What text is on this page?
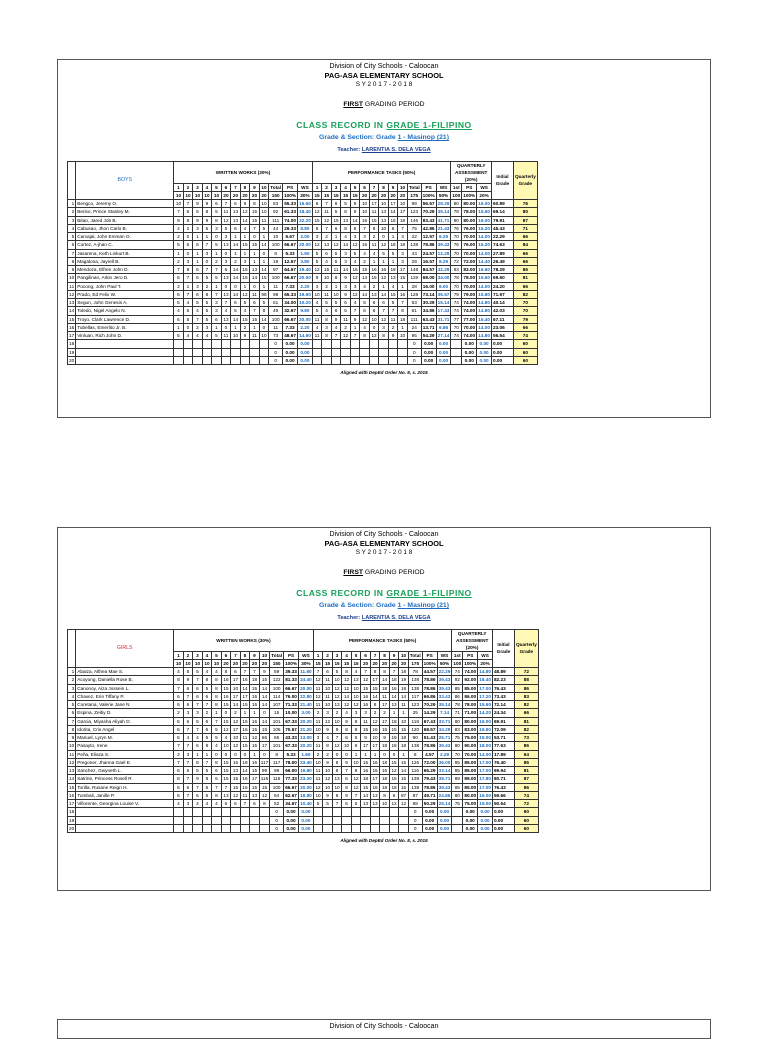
Division of City Schools - Caloocan
PAG-ASA ELEMENTARY SCHOOL
S Y 2 0 1 7 - 2 0 1 8
FIRST GRADING PERIOD
CLASS RECORD IN GRADE 1-FILIPINO
Grade & Section: Grade 1 - Masinop (21)
Teacher: LARENTIA S. DELA VEGA
	BOYS	WRITTEN WORKS (30%)													PERFORMANCE TASKS (50%)													QUARTERLY ASSESSMENT (20%)			Initial Grade	Quarterly Grade
		1	2	3	4	5	6	7	8	9	10	Total	PS	WS	1	2	3	4	5	6	7	8	9	10	Total	PS	WS	1st	PS	WS		
		10	10	10	10	10	20	20	20	20	20	150	100%	30%	15	15	15	15	15	20	20	20	20	20	175	100%	50%	100	100%	20%		
1	Bengco, Jeremy O.	10	7	9	9	6	7	6	9	8	10	83	55.33	16.60	6	7	8	5	9	10	17	10	17	10	99	56.57	28.29	80	80.00	16.00	60.89	76
2	Beriso, Prince Stanley M.	7	6	5	8	5	11	13	12	15	10	92	61.33	18.40	12	11	5	8	9	10	11	13	14	17	123	70.29	35.14	78	78.00	15.60	69.14	80
3	Bitao, Jared Job B.	9	8	9	9	8	12	13	14	15	11	111	74.00	22.20	15	12	15	13	14	16	15	13	15	18	146	83.43	41.71	80	80.00	16.00	79.91	87
4	Cabusao, Jhon Carlo B.	4	2	3	5	3	5	6	4	7	5	44	29.33	8.80	8	7	6	8	8	7	8	10	6	7	75	42.86	21.43	76	76.00	15.20	45.43	71
5	Carvajal, John Emman O.	2	0	1	1	0	3	1	1	0	1	10	6.67	2.00	3	2	1	4	3	3	2	0	1	3	22	12.57	6.29	70	70.00	14.00	22.29	66
6	Cortez, A-jhan C.	5	6	6	7	5	13	14	15	15	14	100	66.67	20.00	12	13	12	14	12	16	11	12	18	18	138	78.86	39.43	76	76.00	15.20	74.63	84
7	Jasarena, Keth Linkurt B.	1	0	1	3	1	0	1	1	1	0	8	5.33	1.60	5	6	5	3	5	4	4	5	5	3	43	24.57	12.29	70	70.00	14.00	27.89	66
8	Magalona, Jayrell B.	2	3	1	0	2	3	2	3	1	1	19	12.67	3.80	5	4	5	3	4	2	1	1	1	3	29	16.57	8.29	72	72.00	14.40	26.49	66
9	Mendoza, Elfren John D.	7	8	6	7	7	6	14	15	13	14	97	64.67	19.40	12	15	11	14	16	15	16	16	18	17	148	84.57	42.29	83	83.00	16.60	78.29	86
10	Pangilinan, Arkin Jero D.	6	7	6	5	5	13	14	15	14	15	100	66.67	20.00	9	10	8	9	12	14	15	12	13	15	119	68.00	34.00	78	78.00	15.60	69.60	81
11	Pocong, John Paul T.	2	1	3	2	1	0	0	1	0	1	11	7.33	2.20	3	2	1	3	3	4	2	1	4	1	28	16.00	8.00	70	70.00	14.00	24.20	66
12	Prado, Ed Felix W.	6	7	6	8	7	13	14	12	11	98	98	65.33	19.60	10	11	10	9	12	14	13	14	15	16	128	73.14	36.57	79	79.00	15.80	71.97	82
13	Segun, John Genesis A.	5	4	5	5	3	7	6	5	6	5	51	34.00	10.20	4	5	5	6	4	5	6	6	5	7	53	30.29	15.14	74	74.00	14.80	40.14	70
14	Toledo, Nigel Angelo N.	4	5	4	5	3	4	5	4	7	8	49	32.67	9.80	5	4	6	5	7	6	6	7	7	8	61	34.86	17.43	74	74.00	14.80	42.03	70
15	Troyo, Clark Lawrence D.	6	5	7	5	6	13	14	15	15	14	100	66.67	20.00	11	8	9	11	9	12	10	12	11	18	111	63.43	31.71	77	77.00	15.40	67.11	79
16	Tubellas, Emerlito Jr. B.	1	0	2	3	1	0	1	2	1	0	11	7.33	2.20	4	3	4	2	1	4	0	3	2	1	24	13.71	6.86	70	70.00	14.00	23.06	66
17	Vinluan, Rich John D.	5	4	4	4	5	11	10	9	11	10	73	48.67	14.60	11	8	7	12	7	8	12	8	9	10	95	54.29	27.14	74	74.00	14.80	56.54	74
18												0	0.00	0.00											0	0.00	0.00		0.00	0.00	0.00	60
19												0	0.00	0.00											0	0.00	0.00		0.00	0.00	0.00	60
20												0	0.00	0.00											0	0.00	0.00		0.00	0.00	0.00	60
Aligned with DepEd Order No. 8, s. 2015
Division of City Schools - Caloocan
PAG-ASA ELEMENTARY SCHOOL
S Y 2 0 1 7 - 2 0 1 8
FIRST GRADING PERIOD
CLASS RECORD IN GRADE 1-FILIPINO
Grade & Section: Grade 1 - Masinop (21)
Teacher: LARENTIA S. DELA VEGA
	GIRLS	WRITTEN WORKS (30%)													PERFORMANCE TASKS (50%)													QUARTERLY ASSESSMENT (20%)			Initial Grade	Quarterly Grade
		1	2	3	4	5	6	7	8	9	10	Total	PS	WS	1	2	3	4	5	6	7	8	9	10	Total	PS	WS	1st	PS	WS		
		10	10	10	10	10	20	20	20	20	20	150	100%	30%	15	15	15	15	15	20	20	20	20	20	175	100%	50%	100	100%	20%		
1	Abaiza, Althea Mae S.	4	5	5	4	4	8	6	7	7	9	59	39.33	11.80	7	6	5	8	4	7	8	8	7	18	78	44.57	22.29	74	74.00	14.80	48.89	72
2	Acoyong, Daniella Rose B.	8	9	7	8	8	16	17	16	18	15	122	81.33	24.40	12	11	10	12	13	12	17	14	18	19	138	78.86	39.43	92	92.00	18.40	82.23	88
3	Canonoy, Aiza Jossein L.	7	6	6	5	8	15	10	14	15	14	100	66.67	20.00	11	10	12	12	10	15	15	18	16	18	138	78.86	39.43	85	85.00	17.00	76.43	86
4	Chavez, Erin Tiffany P.	6	7	6	6	8	16	17	17	15	14	114	76.00	22.80	12	11	12	14	10	16	14	11	14	14	117	66.86	33.43	86	86.00	17.20	73.43	83
5	Coretana, Valerie Jane N	6	6	7	7	8	15	14	15	15	14	107	71.33	21.40	11	10	13	12	12	16	8	17	13	11	123	70.29	35.14	78	78.00	15.60	72.14	82
6	Espina, Zeiby D.	2	3	3	2	1	0	2	1	1	0	15	10.00	3.00	2	3	2	4	3	3	2	2	1	1	25	14.29	7.14	71	71.00	14.20	24.34	66
7	Garcia, Miyasha Aliyah D.	5	6	5	6	7	15	12	15	16	14	101	67.33	20.20	11	12	10	9	8	11	12	17	18	10	118	67.43	33.71	80	80.00	16.00	69.91	81
8	Idorita, Cris Angel	6	7	7	6	5	12	17	16	15	15	106	70.67	21.20	10	9	9	8	8	15	16	15	15	15	120	68.57	34.29	83	83.00	16.60	72.09	82
9	Manuel, Lyryn M.	5	4	4	5	5	4	10	11	12	65	65	43.33	13.00	3	4	7	6	5	9	10	9	19	18	90	51.43	25.71	75	75.00	15.00	53.71	73
10	Pasayto, Irene	7	7	6	8	4	10	12	15	15	17	101	67.33	20.20	11	8	12	10	9	17	17	18	18	18	138	78.86	39.43	90	90.00	18.00	77.63	86
11	Peña, Eliaza S.	2	3	1	1	0	0	0	0	1	0	8	5.33	1.60	2	2	0	0	1	1	1	0	0	1	8	4.57	2.29	70	70.00	14.00	17.89	64
12	Pregoner, Jhanna Gael E.	7	7	8	7	8	15	16	18	16	117	117	78.00	23.40	10	9	8	9	10	15	16	18	15	15	126	72.00	36.00	85	85.00	17.00	76.40	86
13	Sanchez, Gwyneth L.	6	5	5	5	6	15	13	14	15	99	99	66.00	19.80	11	10	8	7	8	16	15	15	12	14	116	66.29	33.14	85	85.00	17.00	69.94	81
14	Satrine, Princess Rosell R	8	7	9	8	6	15	15	16	17	116	116	77.33	23.20	11	12	13	6	12	18	17	18	16	16	139	79.43	39.71	89	89.00	17.80	80.71	87
15	Torilla, Rusane Reign H.	6	6	7	6	7	7	15	16	15	15	100	66.67	20.00	12	10	10	8	12	15	16	18	18	16	138	78.86	39.43	85	85.00	17.00	76.43	86
16	Tumbali, Janille P.	6	7	6	6	8	13	12	11	13	12	94	62.67	18.80	10	9	8	9	7	14	13	8	6	87	87	49.71	24.86	80	80.00	16.00	59.66	74
17	Villorente, Georgina Louise V.	4	3	4	4	4	6	6	7	6	8	52	34.67	10.40	5	5	7	6	5	13	13	10	12	12	88	50.29	25.14	75	75.00	15.00	50.54	72
18												0	0.00	0.00											0	0.00	0.00		0.00	0.00	0.00	60
19												0	0.00	0.00											0	0.00	0.00		0.00	0.00	0.00	60
20												0	0.00	0.00											0	0.00	0.00		0.00	0.00	0.00	60
Aligned with DepEd Order No. 8, s. 2015
Division of City Schools - Caloocan
